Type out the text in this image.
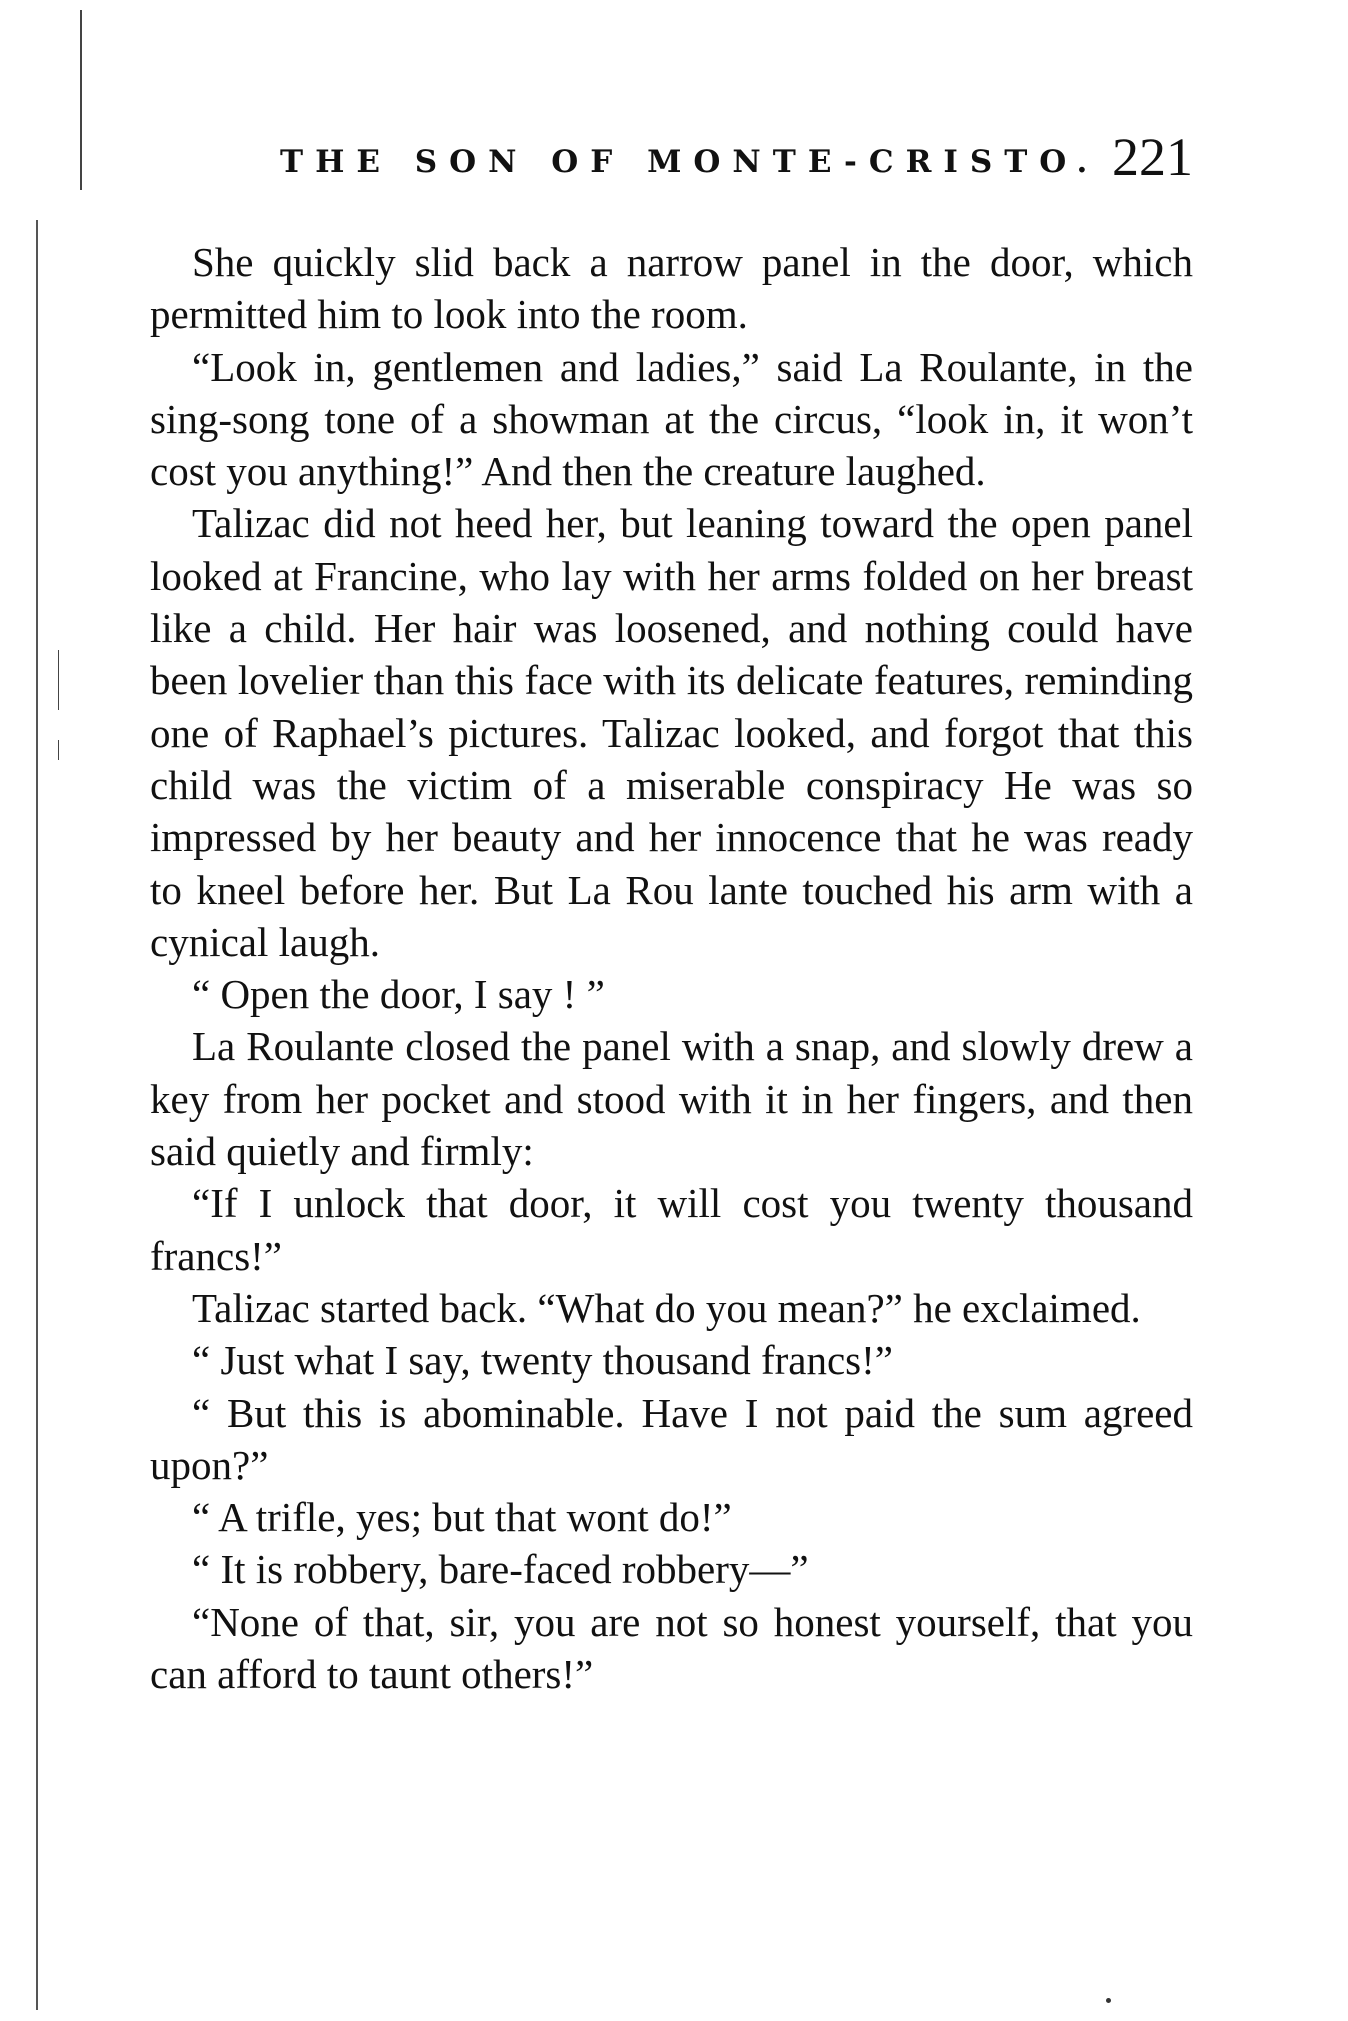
THE SON OF MONTE-CRISTO. 221

She quickly slid back a narrow panel in the door, which permitted him to look into the room.

“Look in, gentlemen and ladies,” said La Roulante, in the sing-song tone of a showman at the circus, “look in, it won’t cost you anything!” And then the creature laughed.

Talizac did not heed her, but leaning toward the open panel looked at Francine, who lay with her arms folded on her breast like a child. Her hair was loosened, and nothing could have been lovelier than this face with its delicate features, reminding one of Raphael’s pictures. Talizac looked, and forgot that this child was the victim of a miserable conspiracy He was so impressed by her beauty and her innocence that he was ready to kneel before her. But La Rou lante touched his arm with a cynical laugh.

“ Open the door, I say ! ”

La Roulante closed the panel with a snap, and slowly drew a key from her pocket and stood with it in her fingers, and then said quietly and firmly:

“If I unlock that door, it will cost you twenty thousand francs!”

Talizac started back. “What do you mean?” he exclaimed.

“ Just what I say, twenty thousand francs!”

“ But this is abominable. Have I not paid the sum agreed upon?”

“ A trifle, yes; but that wont do!”

“ It is robbery, bare-faced robbery—”

“None of that, sir, you are not so honest yourself, that you can afford to taunt others!”
